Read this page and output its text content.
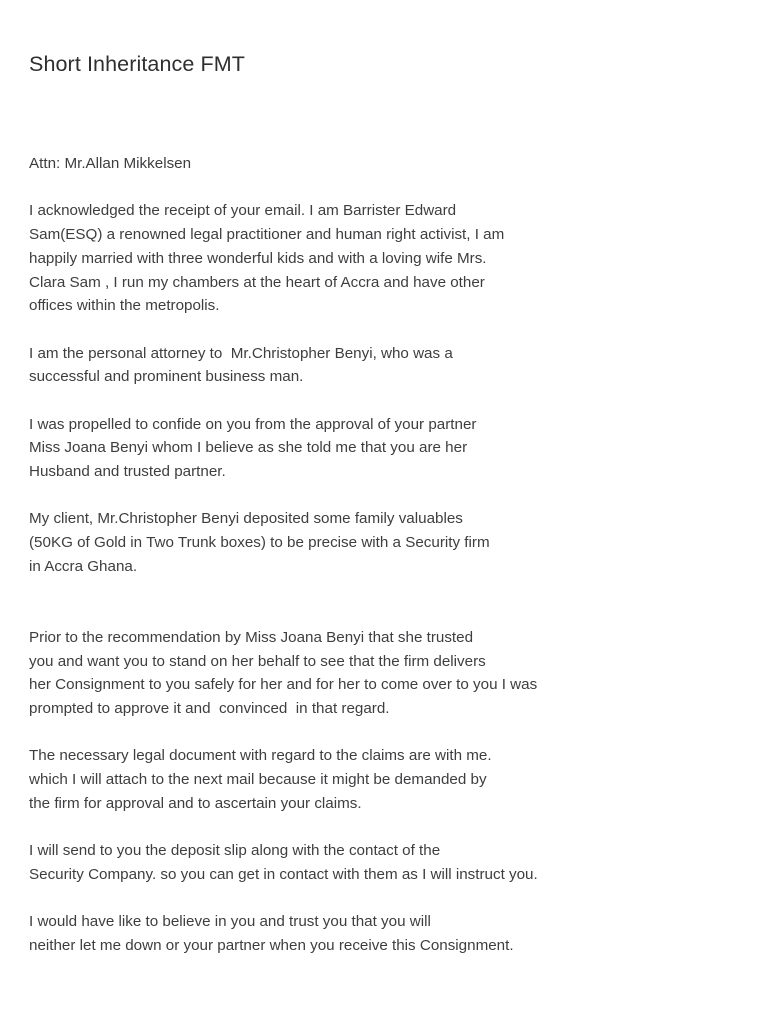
Short Inheritance FMT

Attn: Mr.Allan Mikkelsen

I acknowledged the receipt of your email. I am Barrister Edward
Sam(ESQ) a renowned legal practitioner and human right activist, I am
happily married with three wonderful kids and with a loving wife Mrs.
Clara Sam , I run my chambers at the heart of Accra and have other
offices within the metropolis.

I am the personal attorney to  Mr.Christopher Benyi, who was a
successful and prominent business man.

I was propelled to confide on you from the approval of your partner
Miss Joana Benyi whom I believe as she told me that you are her
Husband and trusted partner.

My client, Mr.Christopher Benyi deposited some family valuables
(50KG of Gold in Two Trunk boxes) to be precise with a Security firm
in Accra Ghana.

Prior to the recommendation by Miss Joana Benyi that she trusted
you and want you to stand on her behalf to see that the firm delivers
her Consignment to you safely for her and for her to come over to you I was
prompted to approve it and  convinced  in that regard.

The necessary legal document with regard to the claims are with me.
which I will attach to the next mail because it might be demanded by
the firm for approval and to ascertain your claims.

I will send to you the deposit slip along with the contact of the
Security Company. so you can get in contact with them as I will instruct you.

I would have like to believe in you and trust you that you will
neither let me down or your partner when you receive this Consignment.
